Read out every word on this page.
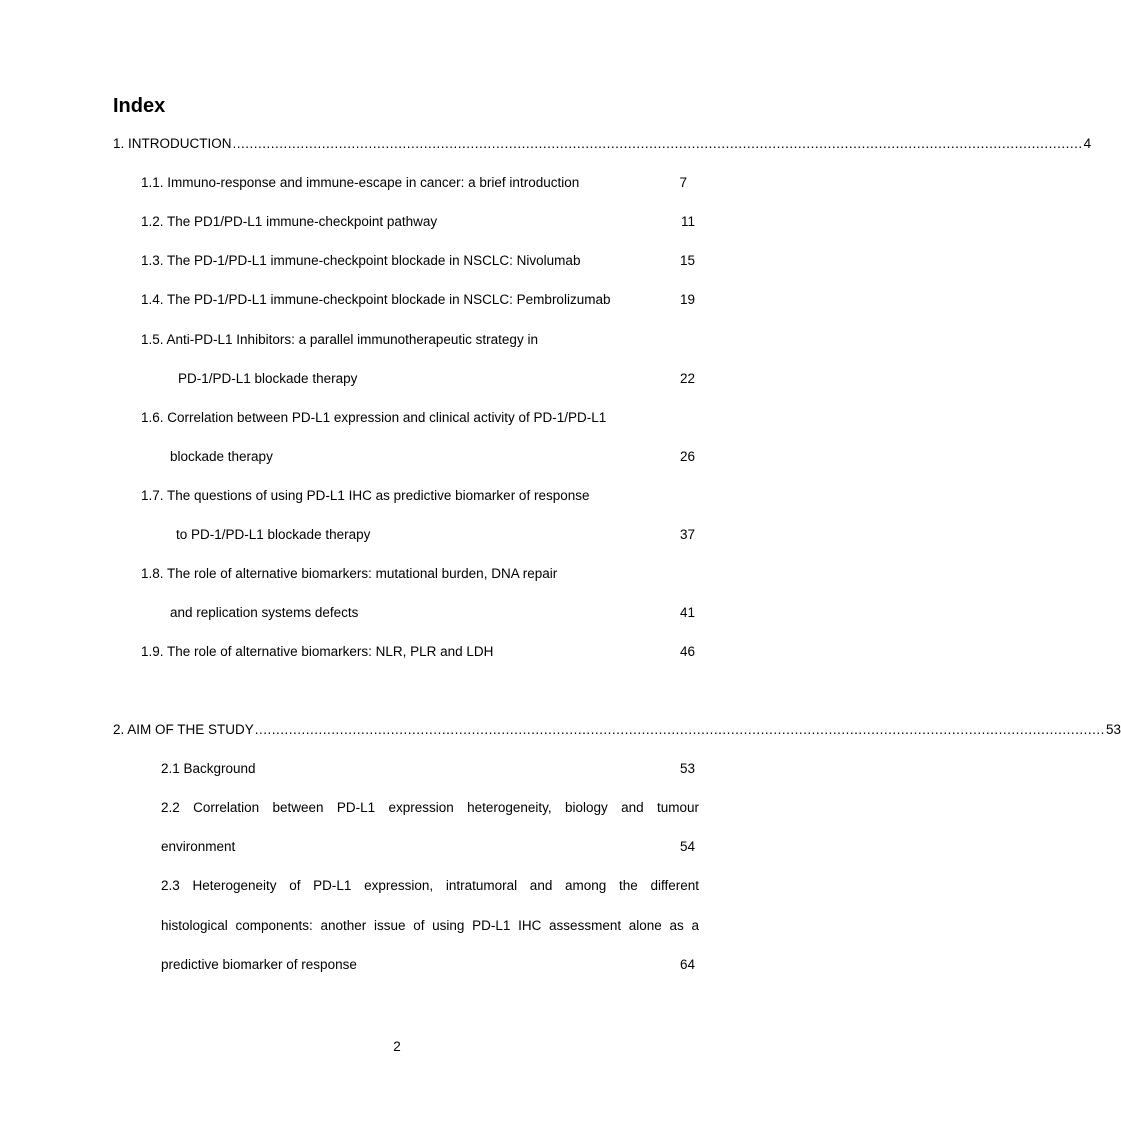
Index
1. INTRODUCTION ........................................................................................................................................................................................................ 4
1.1. Immuno-response and immune-escape in cancer: a brief introduction	7
1.2. The PD1/PD-L1 immune-checkpoint pathway	11
1.3. The PD-1/PD-L1 immune-checkpoint blockade in NSCLC: Nivolumab	15
1.4. The PD-1/PD-L1 immune-checkpoint blockade in NSCLC: Pembrolizumab	19
1.5. Anti-PD-L1 Inhibitors: a parallel immunotherapeutic strategy in
PD-1/PD-L1 blockade therapy	22
1.6. Correlation between PD-L1 expression and clinical activity of PD-1/PD-L1
blockade therapy	26
1.7. The questions of using PD-L1 IHC as predictive biomarker of response
to PD-1/PD-L1 blockade therapy	37
1.8. The role of alternative biomarkers: mutational burden, DNA repair
and replication systems defects	41
1.9. The role of alternative biomarkers: NLR, PLR and LDH	46
2. AIM OF THE STUDY ........................................................................................................................................................................................................ 53
2.1 Background	53
2.2 Correlation between PD-L1 expression heterogeneity, biology and tumour
environment	54
2.3 Heterogeneity of PD-L1 expression, intratumoral and among the different
histological components: another issue of using PD-L1 IHC assessment alone as a
predictive biomarker of response	64
2
